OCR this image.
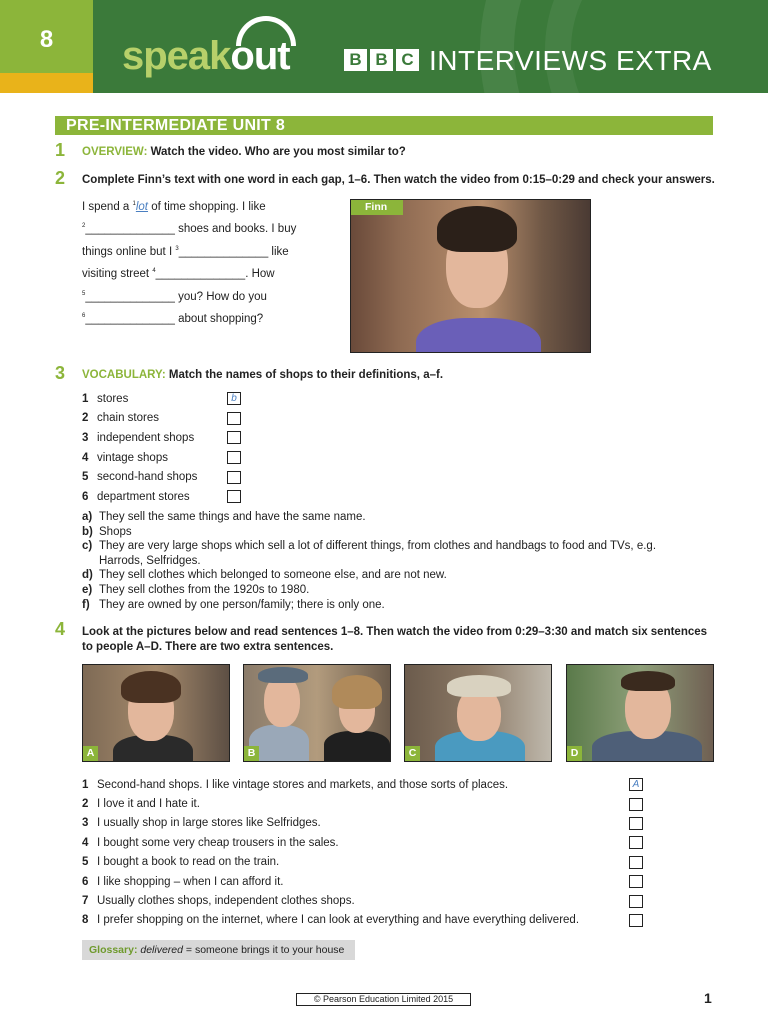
8	speakout	B B C INTERVIEWS EXTRA
PRE-INTERMEDIATE UNIT 8
1 OVERVIEW: Watch the video. Who are you most similar to?
2 Complete Finn’s text with one word in each gap, 1–6. Then watch the video from 0:15–0:29 and check your answers.
I spend a $^1$lot of time shopping. I like
$^2$______________ shoes and books. I buy
things online but I $^3$______________ like
visiting street $^4$______________. How
$^5$______________ you? How do you
$^6$______________ about shopping?
Finn
3 VOCABULARY: Match the names of shops to their definitions, a–f.
1 stores	b
2 chain stores
3 independent shops
4 vintage shops
5 second-hand shops
6 department stores
a) They sell the same things and have the same name.
b) Shops
c) They are very large shops which sell a lot of different things, from clothes and handbags to food and TVs, e.g.
Harrods, Selfridges.
d) They sell clothes which belonged to someone else, and are not new.
e) They sell clothes from the 1920s to 1980.
f) They are owned by one person/family; there is only one.
4 Look at the pictures below and read sentences 1–8. Then watch the video from 0:29–3:30 and match six sentences
to people A–D. There are two extra sentences.
A	B	C	D
1 Second-hand shops. I like vintage stores and markets, and those sorts of places.	A
2 I love it and I hate it.
3 I usually shop in large stores like Selfridges.
4 I bought some very cheap trousers in the sales.
5 I bought a book to read on the train.
6 I like shopping – when I can afford it.
7 Usually clothes shops, independent clothes shops.
8 I prefer shopping on the internet, where I can look at everything and have everything delivered.
Glossary: delivered = someone brings it to your house
© Pearson Education Limited 2015	1
